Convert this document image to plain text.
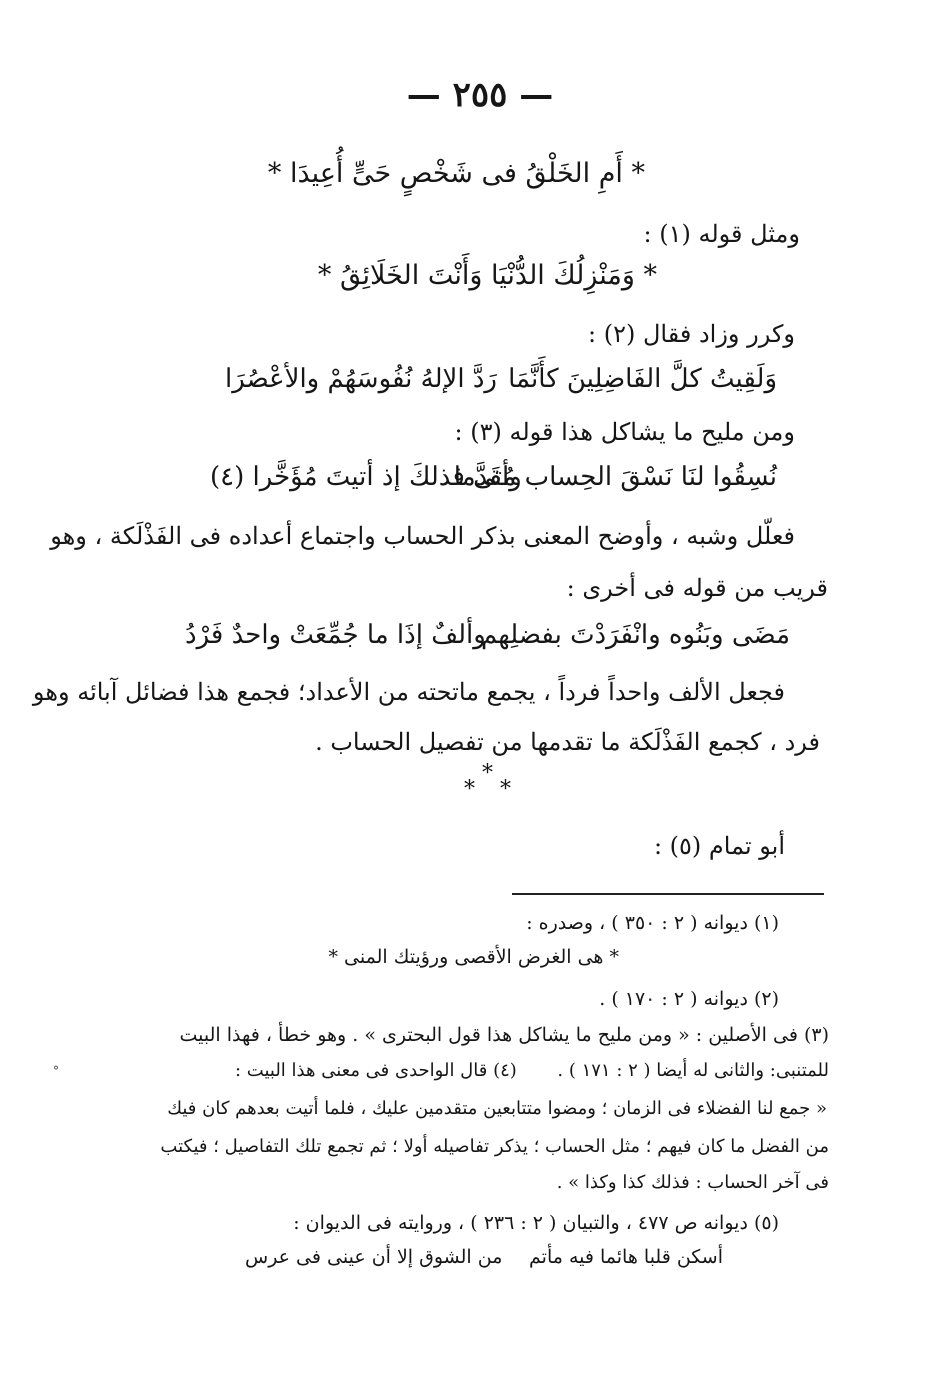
— ٢٥٥ —
* أَمِ الخَلْقُ فى شَخْصٍ حَىٍّ أُعِيدَا *
ومثل قوله (١) :
* وَمَنْزِلُكَ الدُّنْيَا وَأَنْتَ الخَلَائِقُ *
وكرر وزاد فقال (٢) :
وَلَقِيتُ كلَّ الفَاضِلِينَ كأَنَّمَا
رَدَّ الإلهُ نُفُوسَهُمْ والأعْصُرَا
ومن مليح ما يشاكل هذا قوله (٣) :
نُسِقُوا لنَا نَسْقَ الحِساب مُقَدَّما
وأتى فذلكَ إذ أتيتَ مُؤَخَّرا (٤)
فعلّل وشبه ، وأوضح المعنى بذكر الحساب واجتماع أعداده فى الفَذْلَكة ، وهو
قريب من قوله فى أخرى :
مَضَى وبَنُوه وانْفَرَدْتَ بفضلِهم
وألفٌ إذَا ما جُمِّعَتْ واحدٌ فَرْدُ
فجعل الألف واحداً فرداً ، يجمع ماتحته من الأعداد؛ فجمع هذا فضائل آبائه وهو
فرد ، كجمع الفَذْلَكة ما تقدمها من تفصيل الحساب .
*
* *
أبو تمام (٥) :
(١) ديوانه ( ٢ : ٣٥٠ ) ، وصدره :
* هى الغرض الأقصى ورؤيتك المنى *
(٢) ديوانه ( ٢ : ١٧٠ ) .
(٣) فى الأصلين : « ومن مليح ما يشاكل هذا قول البحترى » . وهو خطأ ، فهذا البيت
للمتنبى: والثانى له أيضا ( ٢ : ١٧١ ) .
(٤) قال الواحدى فى معنى هذا البيت :
« جمع لنا الفضلاء فى الزمان ؛ ومضوا متتابعين متقدمين عليك ، فلما أتيت بعدهم كان فيك
من الفضل ما كان فيهم ؛ مثل الحساب ؛ يذكر تفاصيله أولا ؛ ثم تجمع تلك التفاصيل ؛ فيكتب
فى آخر الحساب : فذلك كذا وكذا » .
(٥) ديوانه ص ٤٧٧ ، والتبيان ( ٢ : ٢٣٦ ) ، وروايته فى الديوان :
أسكن قلبا هائما فيه مأتم
من الشوق إلا أن عينى فى عرس
°
